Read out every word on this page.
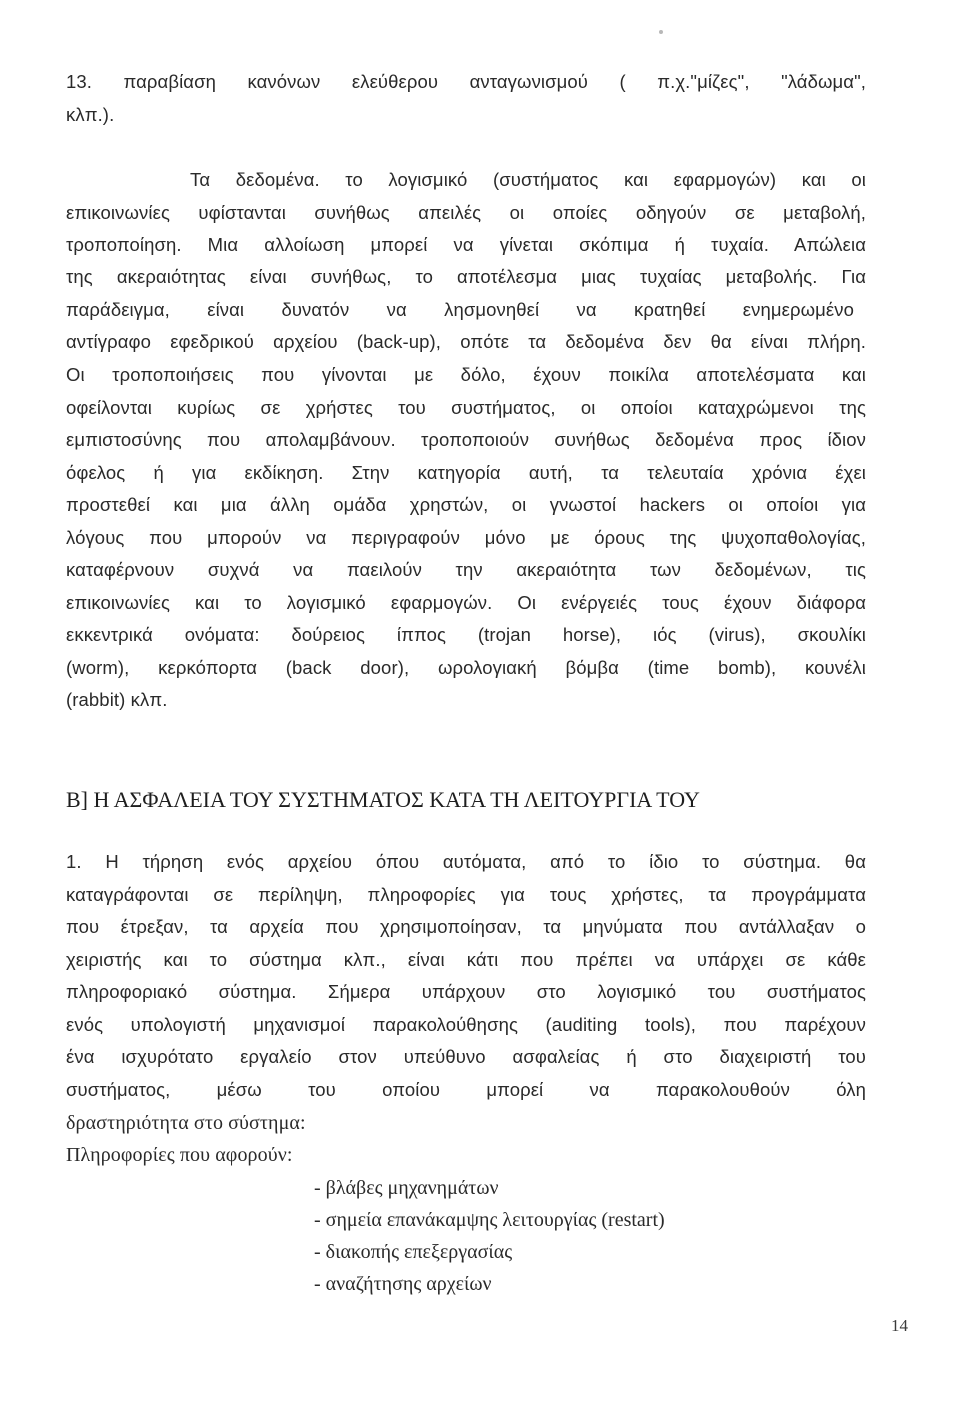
13. παραβίαση κανόνων ελεύθερου ανταγωνισμού ( π.χ."μίζες", "λάδωμα",
κλπ.).
Τα δεδομένα. το λογισμικό (συστήματος και εφαρμογών) και οι
επικοινωνίες υφίστανται συνήθως απειλές οι οποίες οδηγούν σε μεταβολή,
τροποποίηση. Μια αλλοίωση μπορεί να γίνεται σκόπιμα ή τυχαία. Απώλεια
της ακεραιότητας είναι συνήθως, το αποτέλεσμα μιας τυχαίας μεταβολής. Για
παράδειγμα, είναι δυνατόν να λησμονηθεί να κρατηθεί ενημερωμένο
αντίγραφο εφεδρικού αρχείου (back-up), οπότε τα δεδομένα δεν θα είναι πλήρη.
Οι τροποποιήσεις που γίνονται με δόλο, έχουν ποικίλα αποτελέσματα και
οφείλονται κυρίως σε χρήστες του συστήματος, οι οποίοι καταχρώμενοι της
εμπιστοσύνης που απολαμβάνουν. τροποποιούν συνήθως δεδομένα προς ίδιον
όφελος ή για εκδίκηση. Στην κατηγορία αυτή, τα τελευταία χρόνια έχει
προστεθεί και μια άλλη ομάδα χρηστών, οι γνωστοί hackers οι οποίοι για
λόγους που μπορούν να περιγραφούν μόνο με όρους της ψυχοπαθολογίας,
καταφέρνουν συχνά να παειλούν την ακεραιότητα των δεδομένων, τις
επικοινωνίες και το λογισμικό εφαρμογών. Οι ενέργειές τους έχουν διάφορα
εκκεντρικά ονόματα: δούρειος ίππος (trojan horse), ιός (virus), σκουλίκι
(worm), κερκόπορτα (back door), ωρολογιακή βόμβα (time bomb), κουνέλι
(rabbit) κλπ.
B] Η ΑΣΦΑΛΕΙΑ ΤΟΥ ΣΥΣΤΗΜΑΤΟΣ ΚΑΤΑ ΤΗ ΛΕΙΤΟΥΡΓΙΑ ΤΟΥ
1. Η τήρηση ενός αρχείου όπου αυτόματα, από το ίδιο το σύστημα. θα
καταγράφονται σε περίληψη, πληροφορίες για τους χρήστες, τα προγράμματα
που έτρεξαν, τα αρχεία που χρησιμοποίησαν, τα μηνύματα που αντάλλαξαν ο
χειριστής και το σύστημα κλπ., είναι κάτι που πρέπει να υπάρχει σε κάθε
πληροφοριακό σύστημα. Σήμερα υπάρχουν στο λογισμικό του συστήματος
ενός υπολογιστή μηχανισμοί παρακολούθησης (auditing tools), που παρέχουν
ένα ισχυρότατο εργαλείο στον υπεύθυνο ασφαλείας ή στο διαχειριστή του
συστήματος, μέσω του οποίου μπορεί να παρακολουθούν όλη
δραστηριότητα στο σύστημα:
Πληροφορίες που αφορούν:
- βλάβες μηχανημάτων
- σημεία επανάκαμψης λειτουργίας (restart)
- διακοπής επεξεργασίας
- αναζήτησης αρχείων
14
